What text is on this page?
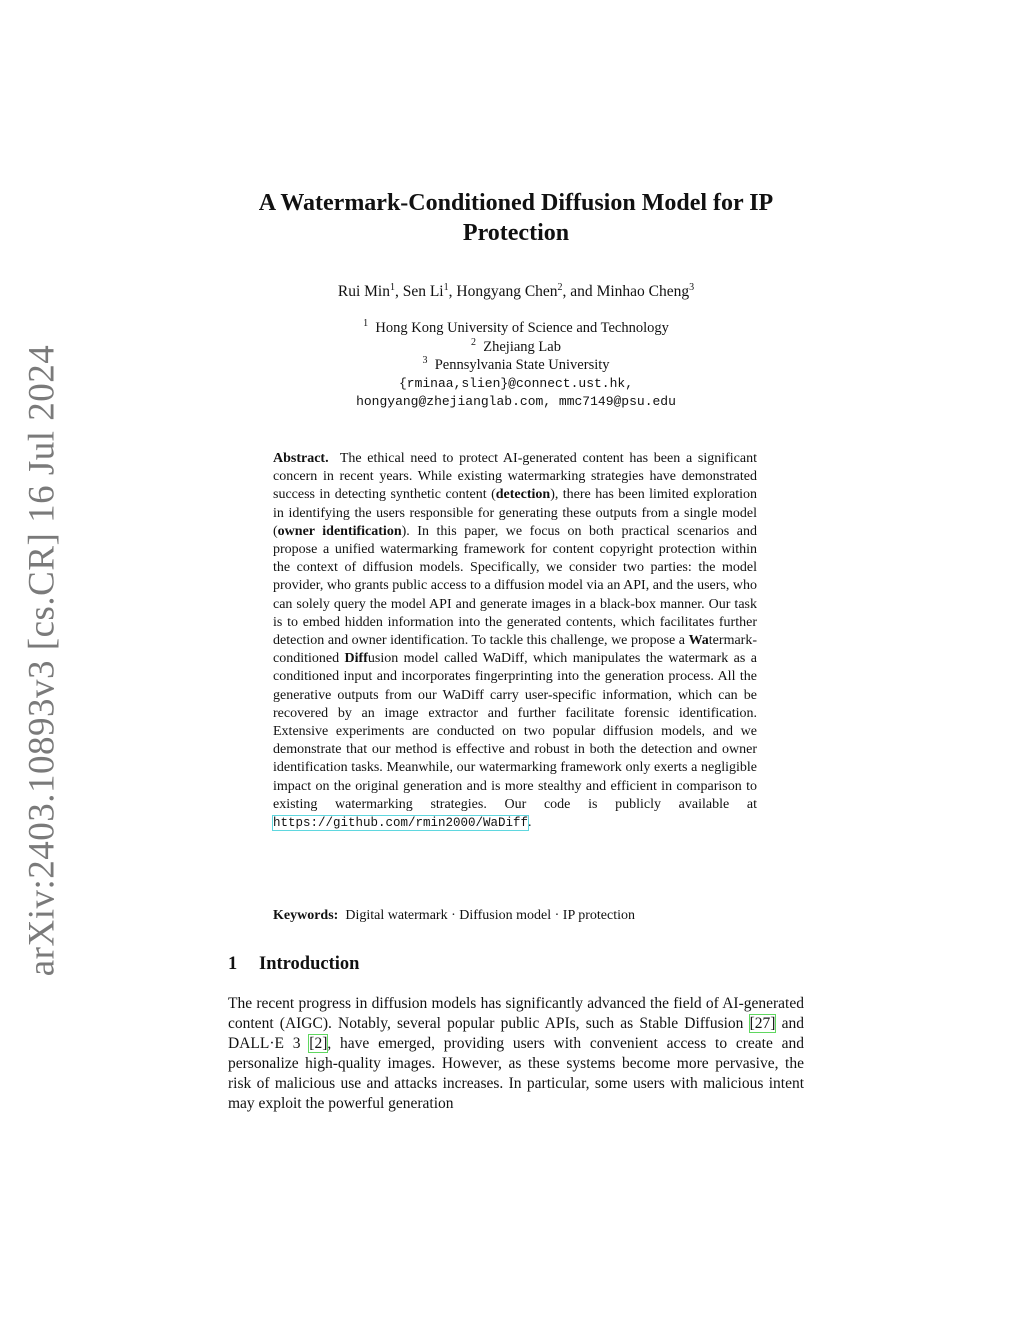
arXiv:2403.10893v3 [cs.CR] 16 Jul 2024
A Watermark-Conditioned Diffusion Model for IP Protection
Rui Min$^1$, Sen Li$^1$, Hongyang Chen$^2$, and Minhao Cheng$^3$
$^1$ Hong Kong University of Science and Technology
$^2$ Zhejiang Lab
$^3$ Pennsylvania State University
{rminaa,slien}@connect.ust.hk,
hongyang@zhejianglab.com, mmc7149@psu.edu

Abstract. The ethical need to protect AI-generated content has been a significant concern in recent years. While existing watermarking strategies have demonstrated success in detecting synthetic content (detection), there has been limited exploration in identifying the users responsible for generating these outputs from a single model (owner identification). In this paper, we focus on both practical scenarios and propose a unified watermarking framework for content copyright protection within the context of diffusion models. Specifically, we consider two parties: the model provider, who grants public access to a diffusion model via an API, and the users, who can solely query the model API and generate images in a black-box manner. Our task is to embed hidden information into the generated contents, which facilitates further detection and owner identification. To tackle this challenge, we propose a Watermark-conditioned Diffusion model called WaDiff, which manipulates the watermark as a conditioned input and incorporates fingerprinting into the generation process. All the generative outputs from our WaDiff carry user-specific information, which can be recovered by an image extractor and further facilitate forensic identification. Extensive experiments are conducted on two popular diffusion models, and we demonstrate that our method is effective and robust in both the detection and owner identification tasks. Meanwhile, our watermarking framework only exerts a negligible impact on the original generation and is more stealthy and efficient in comparison to existing watermarking strategies. Our code is publicly available at https://github.com/rmin2000/WaDiff.

Keywords: Digital watermark · Diffusion model · IP protection

1 Introduction

The recent progress in diffusion models has significantly advanced the field of AI-generated content (AIGC). Notably, several popular public APIs, such as Stable Diffusion [27] and DALL·E 3 [2], have emerged, providing users with convenient access to create and personalize high-quality images. However, as these systems become more pervasive, the risk of malicious use and attacks increases. In particular, some users with malicious intent may exploit the powerful generation
